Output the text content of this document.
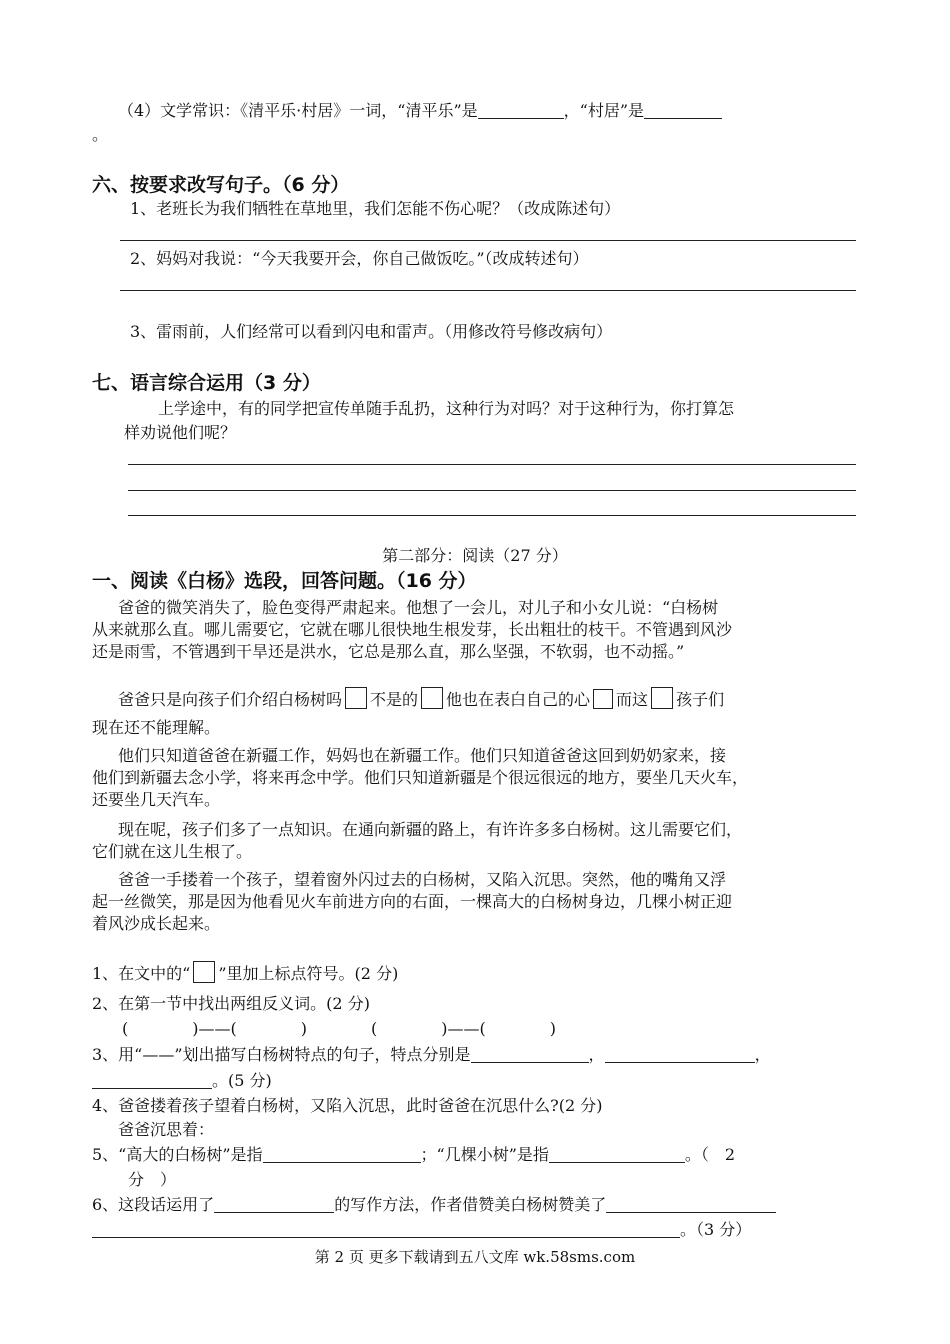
（4）文学常识：《清平乐·村居》一词，“清平乐”是	，“村居”是
。
六、按要求改写句子。（6 分）
1、老班长为我们牺牲在草地里，我们怎能不伤心呢？（改成陈述句）
2、妈妈对我说：“今天我要开会，你自己做饭吃。”（改成转述句）
3、雷雨前，人们经常可以看到闪电和雷声。（用修改符号修改病句）
七、语言综合运用（3 分）
上学途中，有的同学把宣传单随手乱扔，这种行为对吗？对于这种行为，你打算怎
样劝说他们呢？
第二部分：阅读（27 分）
一、阅读《白杨》选段，回答问题。（16 分）
爸爸的微笑消失了，脸色变得严肃起来。他想了一会儿，对儿子和小女儿说：“白杨树
从来就那么直。哪儿需要它，它就在哪儿很快地生根发芽，长出粗壮的枝干。不管遇到风沙
还是雨雪，不管遇到干旱还是洪水，它总是那么直，那么坚强，不软弱，也不动摇。”
爸爸只是向孩子们介绍白杨树吗 不是的 他也在表白自己的心 而这 孩子们
现在还不能理解。
他们只知道爸爸在新疆工作，妈妈也在新疆工作。他们只知道爸爸这回到奶奶家来，接
他们到新疆去念小学，将来再念中学。他们只知道新疆是个很远很远的地方，要坐几天火车，
还要坐几天汽车。
现在呢，孩子们多了一点知识。在通向新疆的路上，有许许多多白杨树。这儿需要它们，
它们就在这儿生根了。
爸爸一手搂着一个孩子，望着窗外闪过去的白杨树，又陷入沉思。突然，他的嘴角又浮
起一丝微笑，那是因为他看见火车前进方向的右面，一棵高大的白杨树身边，几棵小树正迎
着风沙成长起来。
1、在文中的“ ”里加上标点符号。(2 分)
2、在第一节中找出两组反义词。(2 分)
(　　　　)——(　　　　)　　　　(　　　　)——(　　　　)
3、用“——”划出描写白杨树特点的句子，特点分别是	，	，
。(5 分)
4、爸爸搂着孩子望着白杨树，又陷入沉思，此时爸爸在沉思什么?(2 分)
爸爸沉思着：
5、“高大的白杨树”是指	；“几棵小树”是指	。（　2
分　）
6、这段话运用了	的写作方法，作者借赞美白杨树赞美了
。（3 分）
第 2 页 更多下载请到五八文库 wk.58sms.com
